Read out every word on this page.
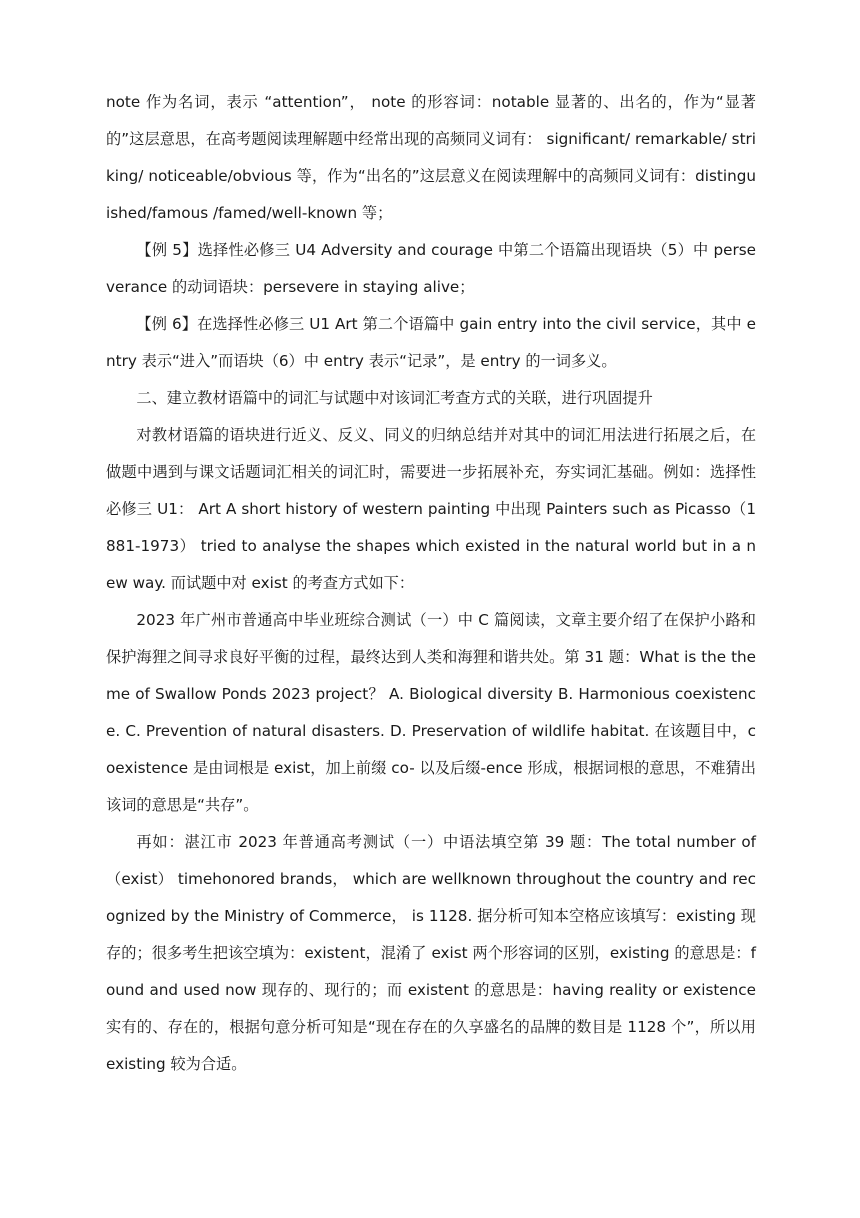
note 作为名词，表示 “attention”， note 的形容词：notable 显著的、出名的，作为“显著的”这层意思，在高考题阅读理解题中经常出现的高频同义词有： significant/ remarkable/ striking/ noticeable/obvious 等，作为“出名的”这层意义在阅读理解中的高频同义词有：distinguished/famous /famed/well-known 等；

【例 5】选择性必修三 U4 Adversity and courage 中第二个语篇出现语块（5）中 perseverance 的动词语块：persevere in staying alive；

【例 6】在选择性必修三 U1 Art 第二个语篇中 gain entry into the civil service，其中 entry 表示“进入”而语块（6）中 entry 表示“记录”，是 entry 的一词多义。

二、建立教材语篇中的词汇与试题中对该词汇考查方式的关联，进行巩固提升

对教材语篇的语块进行近义、反义、同义的归纳总结并对其中的词汇用法进行拓展之后，在做题中遇到与课文话题词汇相关的词汇时，需要进一步拓展补充，夯实词汇基础。例如：选择性必修三 U1： Art A short history of western painting 中出现 Painters such as Picasso（1881-1973） tried to analyse the shapes which existed in the natural world but in a new way. 而试题中对 exist 的考查方式如下：

2023 年广州市普通高中毕业班综合测试（一）中 C 篇阅读，文章主要介绍了在保护小路和保护海狸之间寻求良好平衡的过程，最终达到人类和海狸和谐共处。第 31 题：What is the theme of Swallow Ponds 2023 project？ A. Biological diversity B. Harmonious coexistence. C. Prevention of natural disasters. D. Preservation of wildlife habitat. 在该题目中，coexistence 是由词根是 exist，加上前缀 co- 以及后缀-ence 形成，根据词根的意思，不难猜出该词的意思是“共存”。

再如：湛江市 2023 年普通高考测试（一）中语法填空第 39 题：The total number of （exist） timehonored brands， which are wellknown throughout the country and recognized by the Ministry of Commerce， is 1128. 据分析可知本空格应该填写：existing 现存的；很多考生把该空填为：existent，混淆了 exist 两个形容词的区别，existing 的意思是：found and used now 现存的、现行的；而 existent 的意思是：having reality or existence 实有的、存在的，根据句意分析可知是“现在存在的久享盛名的品牌的数目是 1128 个”，所以用 existing 较为合适。
